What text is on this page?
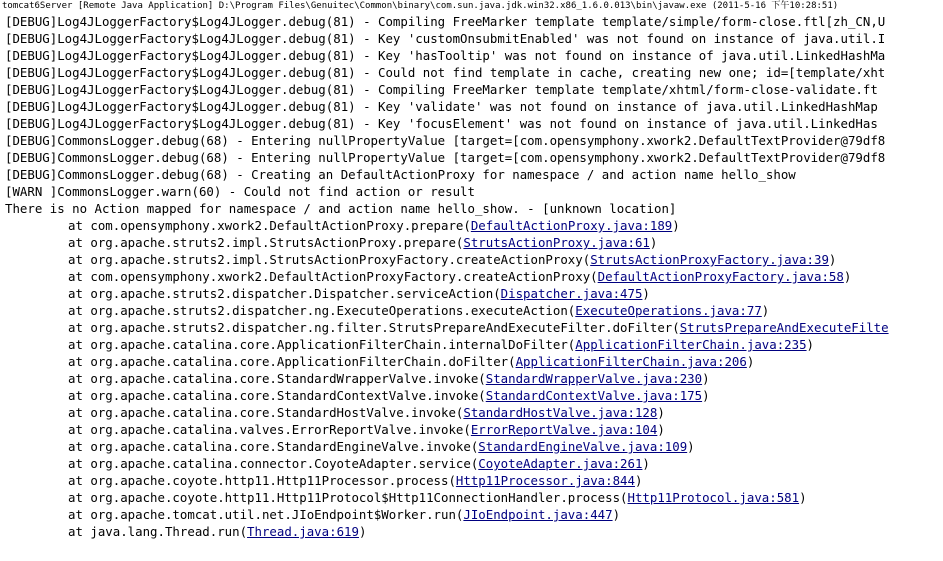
tomcat6Server [Remote Java Application] D:\Program Files\Genuitec\Common\binary\com.sun.java.jdk.win32.x86_1.6.0.013\bin\javaw.exe (2011-5-16 下午10:28:51)
[DEBUG]Log4JLoggerFactory$Log4JLogger.debug(81) - Compiling FreeMarker template template/simple/form-close.ftl[zh_CN,U
[DEBUG]Log4JLoggerFactory$Log4JLogger.debug(81) - Key 'customOnsubmitEnabled' was not found on instance of java.util.I
[DEBUG]Log4JLoggerFactory$Log4JLogger.debug(81) - Key 'hasTooltip' was not found on instance of java.util.LinkedHashMa
[DEBUG]Log4JLoggerFactory$Log4JLogger.debug(81) - Could not find template in cache, creating new one; id=[template/xht
[DEBUG]Log4JLoggerFactory$Log4JLogger.debug(81) - Compiling FreeMarker template template/xhtml/form-close-validate.ft
[DEBUG]Log4JLoggerFactory$Log4JLogger.debug(81) - Key 'validate' was not found on instance of java.util.LinkedHashMap
[DEBUG]Log4JLoggerFactory$Log4JLogger.debug(81) - Key 'focusElement' was not found on instance of java.util.LinkedHas
[DEBUG]CommonsLogger.debug(68) - Entering nullPropertyValue [target=[com.opensymphony.xwork2.DefaultTextProvider@79df8
[DEBUG]CommonsLogger.debug(68) - Entering nullPropertyValue [target=[com.opensymphony.xwork2.DefaultTextProvider@79df8
[DEBUG]CommonsLogger.debug(68) - Creating an DefaultActionProxy for namespace / and action name hello_show
[WARN ]CommonsLogger.warn(60) - Could not find action or result
There is no Action mapped for namespace / and action name hello_show. - [unknown location]
at com.opensymphony.xwork2.DefaultActionProxy.prepare(DefaultActionProxy.java:189)
at org.apache.struts2.impl.StrutsActionProxy.prepare(StrutsActionProxy.java:61)
at org.apache.struts2.impl.StrutsActionProxyFactory.createActionProxy(StrutsActionProxyFactory.java:39)
at com.opensymphony.xwork2.DefaultActionProxyFactory.createActionProxy(DefaultActionProxyFactory.java:58)
at org.apache.struts2.dispatcher.Dispatcher.serviceAction(Dispatcher.java:475)
at org.apache.struts2.dispatcher.ng.ExecuteOperations.executeAction(ExecuteOperations.java:77)
at org.apache.struts2.dispatcher.ng.filter.StrutsPrepareAndExecuteFilter.doFilter(StrutsPrepareAndExecuteFilte
at org.apache.catalina.core.ApplicationFilterChain.internalDoFilter(ApplicationFilterChain.java:235)
at org.apache.catalina.core.ApplicationFilterChain.doFilter(ApplicationFilterChain.java:206)
at org.apache.catalina.core.StandardWrapperValve.invoke(StandardWrapperValve.java:230)
at org.apache.catalina.core.StandardContextValve.invoke(StandardContextValve.java:175)
at org.apache.catalina.core.StandardHostValve.invoke(StandardHostValve.java:128)
at org.apache.catalina.valves.ErrorReportValve.invoke(ErrorReportValve.java:104)
at org.apache.catalina.core.StandardEngineValve.invoke(StandardEngineValve.java:109)
at org.apache.catalina.connector.CoyoteAdapter.service(CoyoteAdapter.java:261)
at org.apache.coyote.http11.Http11Processor.process(Http11Processor.java:844)
at org.apache.coyote.http11.Http11Protocol$Http11ConnectionHandler.process(Http11Protocol.java:581)
at org.apache.tomcat.util.net.JIoEndpoint$Worker.run(JIoEndpoint.java:447)
at java.lang.Thread.run(Thread.java:619)
